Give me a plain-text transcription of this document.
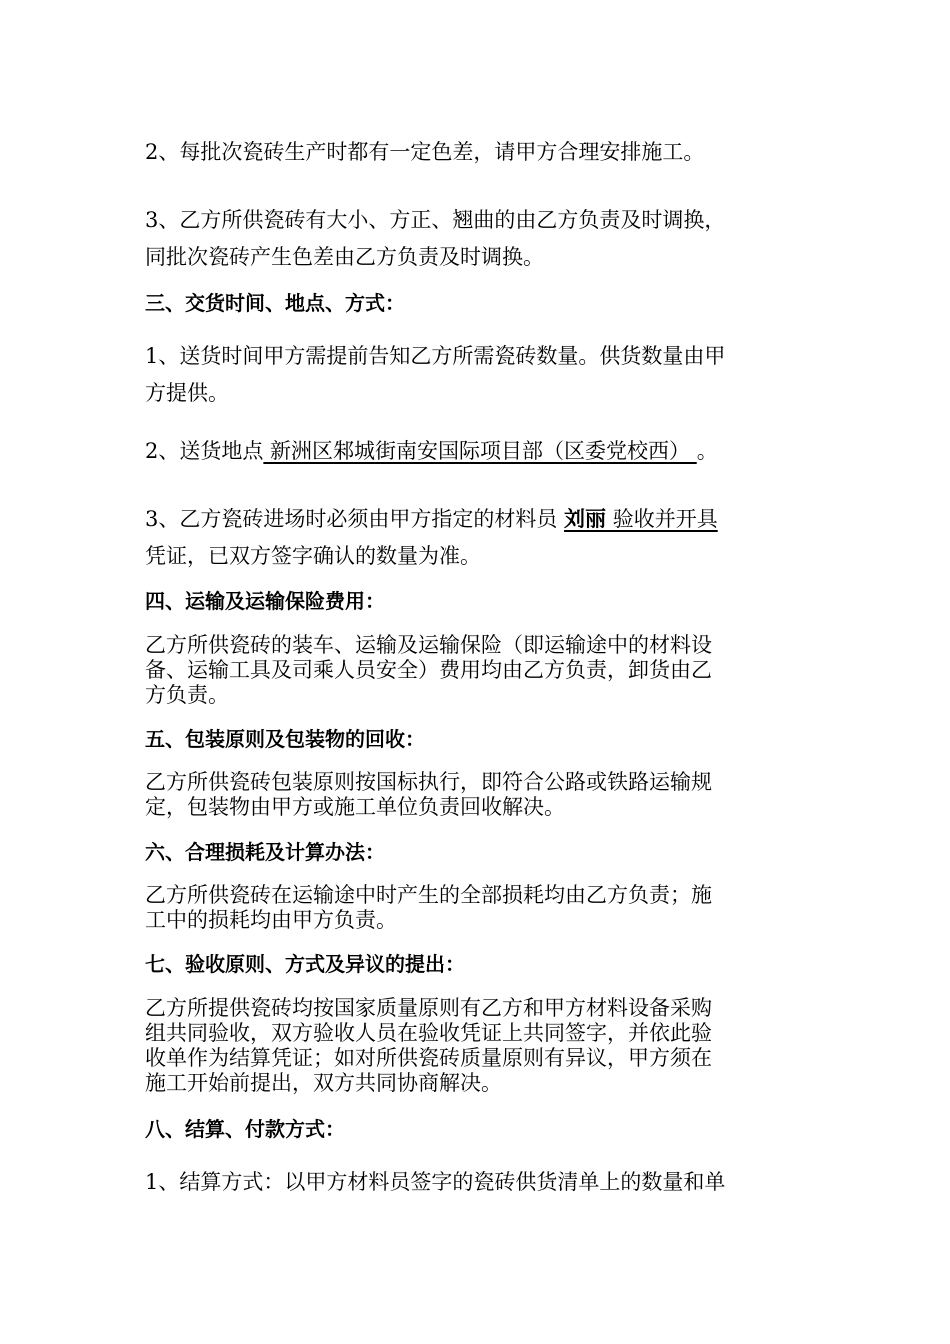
2、每批次瓷砖生产时都有一定色差，请甲方合理安排施工。
3、乙方所供瓷砖有大小、方正、翘曲的由乙方负责及时调换，
同批次瓷砖产生色差由乙方负责及时调换。
三、交货时间、地点、方式：
1、送货时间甲方需提前告知乙方所需瓷砖数量。供货数量由甲
方提供。
2、送货地点 新洲区邾城街南安国际项目部（区委党校西） 。
3、乙方瓷砖进场时必须由甲方指定的材料员 刘丽 验收并开具
凭证，已双方签字确认的数量为准。
四、运输及运输保险费用：
乙方所供瓷砖的装车、运输及运输保险（即运输途中的材料设
备、运输工具及司乘人员安全）费用均由乙方负责，卸货由乙
方负责。
五、包装原则及包装物的回收：
乙方所供瓷砖包装原则按国标执行，即符合公路或铁路运输规
定，包装物由甲方或施工单位负责回收解决。
六、合理损耗及计算办法：
乙方所供瓷砖在运输途中时产生的全部损耗均由乙方负责；施
工中的损耗均由甲方负责。
七、验收原则、方式及异议的提出：
乙方所提供瓷砖均按国家质量原则有乙方和甲方材料设备采购
组共同验收，双方验收人员在验收凭证上共同签字，并依此验
收单作为结算凭证；如对所供瓷砖质量原则有异议，甲方须在
施工开始前提出，双方共同协商解决。
八、结算、付款方式：
1、结算方式：以甲方材料员签字的瓷砖供货清单上的数量和单
